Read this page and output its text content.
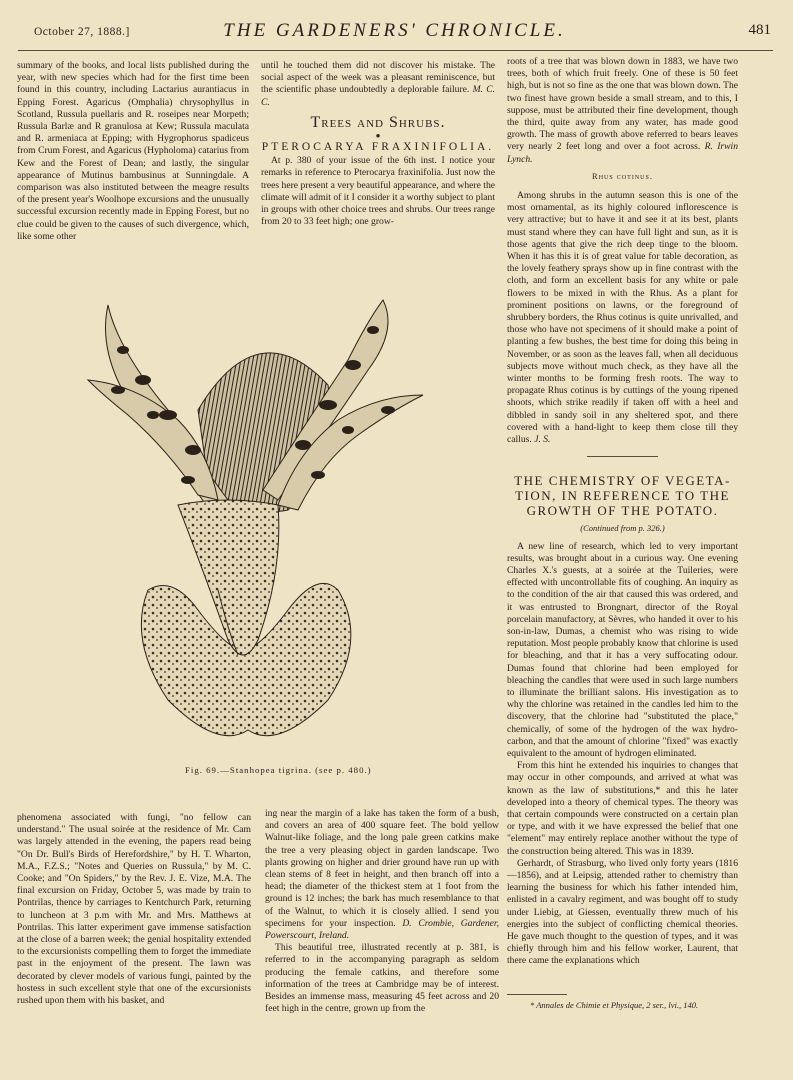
October 27, 1888.]	THE GARDENERS' CHRONICLE.	481

summary of the books, and local lists published during the year, with new species which had for the first time been found in this country, including Lactarius aurantiacus in Epping Forest. Agaricus (Omphalia) chrysophyllus in Scotland, Russula puellaris and R. roseipes near Morpeth; Russula Barlæ and R granulosa at Kew; Russula maculata and R. armeniaca at Epping; with Hygrophorus spadiceus from Crum Forest, and Agaricus (Hypholoma) catarius from Kew and the Forest of Dean; and lastly, the singular appearance of Mutinus bambusinus at Sunningdale. A comparison was also instituted between the meagre results of the present year's Woolhope excursions and the unusually successful excursion recently made in Epping Forest, but no clue could be given to the causes of such divergence, which, like some other

until he touched them did not discover his mistake. The social aspect of the week was a pleasant reminiscence, but the scientific phase undoubtedly a deplorable failure. M. C. C.

Trees and Shrubs.
●
PTEROCARYA FRAXINIFOLIA.

At p. 380 of your issue of the 6th inst. I notice your remarks in reference to Pterocarya fraxinifolia. Just now the trees here present a very beautiful appearance, and where the climate will admit of it I consider it a worthy subject to plant in groups with other choice trees and shrubs. Our trees range from 20 to 33 feet high; one grow-

roots of a tree that was blown down in 1883, we have two trees, both of which fruit freely. One of these is 50 feet high, but is not so fine as the one that was blown down. The two finest have grown beside a small stream, and to this, I suppose, must be attributed their fine development, though the third, quite away from any water, has made good growth. The mass of growth above referred to bears leaves very nearly 2 feet long and over a foot across. R. Irwin Lynch.

Rhus cotinus.

Among shrubs in the autumn season this is one of the most ornamental, as its highly coloured inflorescence is very attractive; but to have it and see it at its best, plants must stand where they can have full light and sun, as it is those agents that give the rich deep tinge to the bloom. When it has this it is of great value for table decoration, as the lovely feathery sprays show up in fine contrast with the cloth, and form an excellent basis for any white or pale flowers to be mixed in with the Rhus. As a plant for prominent positions on lawns, or the foreground of shrubbery borders, the Rhus cotinus is quite unrivalled, and those who have not specimens of it should make a point of planting a few bushes, the best time for doing this being in November, or as soon as the leaves fall, when all deciduous subjects move without much check, as they have all the winter months to be forming fresh roots. The way to propagate Rhus cotinus is by cuttings of the young ripened shoots, which strike readily if taken off with a heel and dibbled in sandy soil in any sheltered spot, and there covered with a hand-light to keep them close till they callus. J. S.

THE CHEMISTRY OF VEGETA-
TION, IN REFERENCE TO THE
GROWTH OF THE POTATO.
(Continued from p. 326.)

A new line of research, which led to very important results, was brought about in a curious way. One evening Charles X.'s guests, at a soirée at the Tuileries, were effected with uncontrollable fits of coughing. An inquiry as to the condition of the air that caused this was ordered, and it was entrusted to Brongnart, director of the Royal porcelain manufactory, at Sèvres, who handed it over to his son-in-law, Dumas, a chemist who was rising to wide reputation. Most people probably know that chlorine is used for bleaching, and that it has a very suffocating odour. Dumas found that chlorine had been employed for bleaching the candles that were used in such large numbers to illuminate the brilliant salons. His investigation as to why the chlorine was retained in the candles led him to the discovery, that the chlorine had "substituted the place," chemically, of some of the hydrogen of the wax hydro-carbon, and that the amount of chlorine "fixed" was exactly equivalent to the amount of hydrogen eliminated.

From this hint he extended his inquiries to changes that may occur in other compounds, and arrived at what was known as the law of substitutions,* and this he later developed into a theory of chemical types. The theory was that certain compounds were constructed on a certain plan or type, and with it we have expressed the belief that one "element" may entirely replace another without the type of the construction being altered. This was in 1839.

Gerhardt, of Strasburg, who lived only forty years (1816—1856), and at Leipsig, attended rather to chemistry than learning the business for which his father intended him, enlisted in a cavalry regiment, and was bought off to study under Liebig, at Giessen, eventually threw much of his energies into the subject of conflicting chemical theories. He gave much thought to the question of types, and it was chiefly through him and his fellow worker, Laurent, that there came the explanations which

* Annales de Chimie et Physique, 2 ser., lvi., 140.
Fig. 69.—Stanhopea tigrina. (see p. 480.)

phenomena associated with fungi, "no fellow can understand." The usual soirée at the residence of Mr. Cam was largely attended in the evening, the papers read being "On Dr. Bull's Birds of Herefordshire," by H. T. Wharton, M.A., F.Z.S.; "Notes and Queries on Russula," by M. C. Cooke; and "On Spiders," by the Rev. J. E. Vize, M.A. The final excursion on Friday, October 5, was made by train to Pontrilas, thence by carriages to Kentchurch Park, returning to luncheon at 3 p.m with Mr. and Mrs. Matthews at Pontrilas. This latter experiment gave immense satisfaction at the close of a barren week; the genial hospitality extended to the excursionists compelling them to forget the immediate past in the enjoyment of the present. The lawn was decorated by clever models of various fungi, painted by the hostess in such excellent style that one of the excursionists rushed upon them with his basket, and

ing near the margin of a lake has taken the form of a bush, and covers an area of 400 square feet. The bold yellow Walnut-like foliage, and the long pale green catkins make the tree a very pleasing object in garden landscape. Two plants growing on higher and drier ground have run up with clean stems of 8 feet in height, and then branch off into a head; the diameter of the thickest stem at 1 foot from the ground is 12 inches; the bark has much resemblance to that of the Walnut, to which it is closely allied. I send you specimens for your inspection. D. Crombie, Gardener, Powerscourt, Ireland.

This beautiful tree, illustrated recently at p. 381, is referred to in the accompanying paragraph as seldom producing the female catkins, and therefore some information of the trees at Cambridge may be of interest. Besides an immense mass, measuring 45 feet across and 20 feet high in the centre, grown up from the
